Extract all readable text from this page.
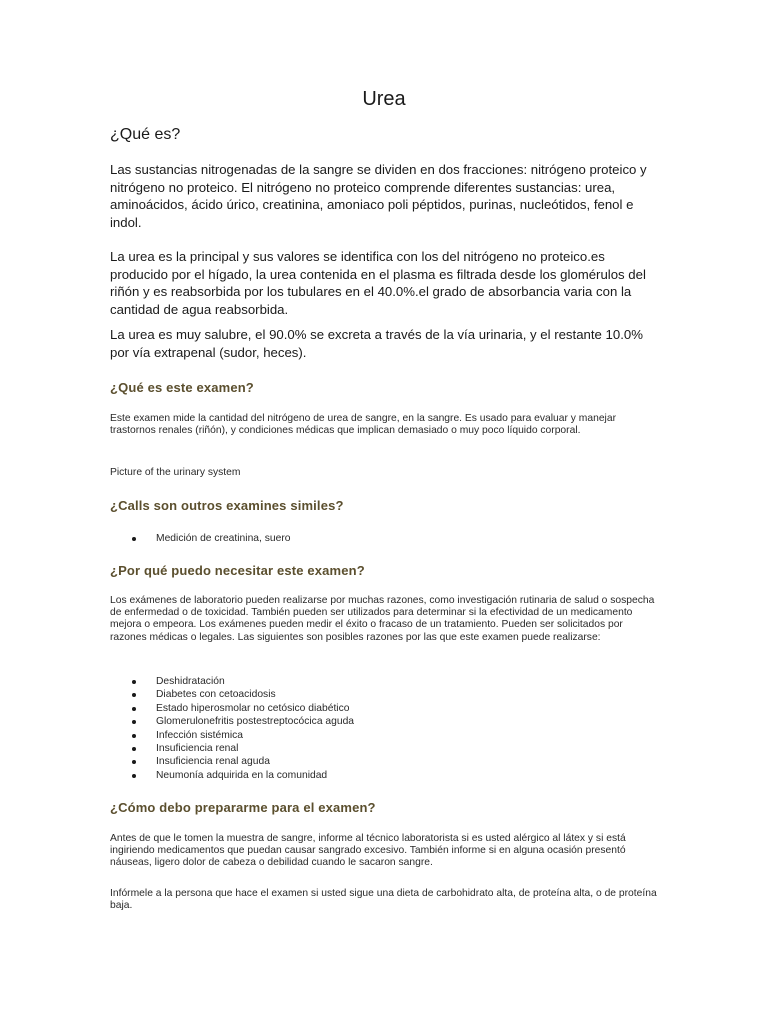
Urea
¿Qué es?

Las sustancias nitrogenadas de la sangre se dividen en dos fracciones: nitrógeno proteico y nitrógeno no proteico. El nitrógeno no proteico comprende diferentes sustancias: urea, aminoácidos, ácido úrico, creatinina, amoniaco poli péptidos, purinas, nucleótidos, fenol e indol.

La urea es la principal y sus valores se identifica con los del nitrógeno no proteico.es producido por el hígado, la urea contenida en el plasma es filtrada desde los glomérulos del riñón y es reabsorbida por los tubulares en el 40.0%.el grado de absorbancia varia con la cantidad de agua reabsorbida.

La urea es muy salubre, el 90.0% se excreta a través de la vía urinaria, y el restante 10.0% por vía extrapenal (sudor, heces).

¿Qué es este examen?

Este examen mide la cantidad del nitrógeno de urea de sangre, en la sangre. Es usado para evaluar y manejar trastornos renales (riñón), y condiciones médicas que implican demasiado o muy poco líquido corporal.

Picture of the urinary system

¿Calls son outros examines similes?
Medición de creatinina, suero
¿Por qué puedo necesitar este examen?

Los exámenes de laboratorio pueden realizarse por muchas razones, como investigación rutinaria de salud o sospecha de enfermedad o de toxicidad. También pueden ser utilizados para determinar si la efectividad de un medicamento mejora o empeora. Los exámenes pueden medir el éxito o fracaso de un tratamiento. Pueden ser solicitados por razones médicas o legales. Las siguientes son posibles razones por las que este examen puede realizarse:

Deshidratación
Diabetes con cetoacidosis
Estado hiperosmolar no cetósico diabético
Glomerulonefritis postestreptocócica aguda
Infección sistémica
Insuficiencia renal
Insuficiencia renal aguda
Neumonía adquirida en la comunidad
¿Cómo debo prepararme para el examen?

Antes de que le tomen la muestra de sangre, informe al técnico laboratorista si es usted alérgico al látex y si está ingiriendo medicamentos que puedan causar sangrado excesivo. También informe si en alguna ocasión presentó náuseas, ligero dolor de cabeza o debilidad cuando le sacaron sangre.

Infórmele a la persona que hace el examen si usted sigue una dieta de carbohidrato alta, de proteína alta, o de proteína baja.
